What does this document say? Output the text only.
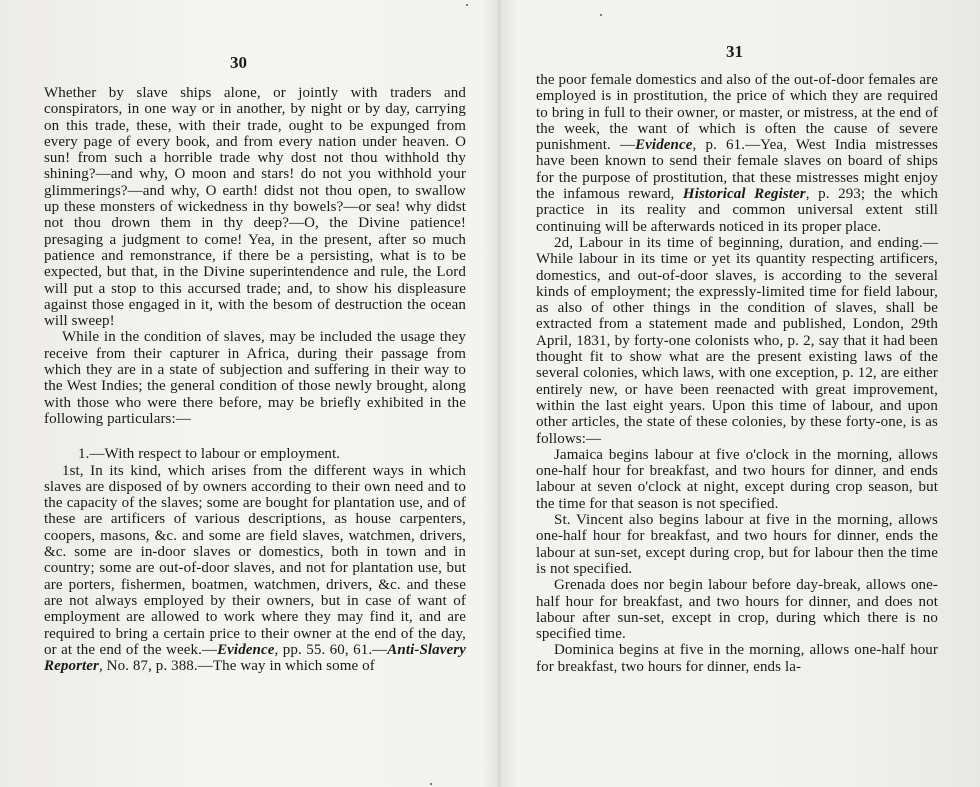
30

Whether by slave ships alone, or jointly with traders and conspirators, in one way or in another, by night or by day, carrying on this trade, these, with their trade, ought to be expunged from every page of every book, and from every nation under heaven. O sun! from such a horrible trade why dost not thou withhold thy shining?—and why, O moon and stars! do not you withhold your glimmerings?—and why, O earth! didst not thou open, to swallow up these monsters of wickedness in thy bowels?—or sea! why didst not thou drown them in thy deep?—O, the Divine patience! presaging a judgment to come! Yea, in the present, after so much patience and remonstrance, if there be a persisting, what is to be expected, but that, in the Divine superintendence and rule, the Lord will put a stop to this accursed trade; and, to show his displeasure against those engaged in it, with the besom of destruction the ocean will sweep!

While in the condition of slaves, may be included the usage they receive from their capturer in Africa, during their passage from which they are in a state of subjection and suffering in their way to the West Indies; the general condition of those newly brought, along with those who were there before, may be briefly exhibited in the following particulars:—

1.—With respect to labour or employment.

1st, In its kind, which arises from the different ways in which slaves are disposed of by owners according to their own need and to the capacity of the slaves; some are bought for plantation use, and of these are artificers of various descriptions, as house carpenters, coopers, masons, &c. and some are field slaves, watchmen, drivers, &c. some are in-door slaves or domestics, both in town and in country; some are out-of-door slaves, and not for plantation use, but are porters, fishermen, boatmen, watchmen, drivers, &c. and these are not always employed by their owners, but in case of want of employment are allowed to work where they may find it, and are required to bring a certain price to their owner at the end of the day, or at the end of the week.—Evidence, pp. 55. 60, 61.—Anti-Slavery Reporter, No. 87, p. 388.—The way in which some of

31

the poor female domestics and also of the out-of-door females are employed is in prostitution, the price of which they are required to bring in full to their owner, or master, or mistress, at the end of the week, the want of which is often the cause of severe punishment. —Evidence, p. 61.—Yea, West India mistresses have been known to send their female slaves on board of ships for the purpose of prostitution, that these mistresses might enjoy the infamous reward, Historical Register, p. 293; the which practice in its reality and common universal extent still continuing will be afterwards noticed in its proper place.

2d, Labour in its time of beginning, duration, and ending.—While labour in its time or yet its quantity respecting artificers, domestics, and out-of-door slaves, is according to the several kinds of employment; the expressly-limited time for field labour, as also of other things in the condition of slaves, shall be extracted from a statement made and published, London, 29th April, 1831, by forty-one colonists who, p. 2, say that it had been thought fit to show what are the present existing laws of the several colonies, which laws, with one exception, p. 12, are either entirely new, or have been reenacted with great improvement, within the last eight years. Upon this time of labour, and upon other articles, the state of these colonies, by these forty-one, is as follows:—

Jamaica begins labour at five o'clock in the morning, allows one-half hour for breakfast, and two hours for dinner, and ends labour at seven o'clock at night, except during crop season, but the time for that season is not specified.

St. Vincent also begins labour at five in the morning, allows one-half hour for breakfast, and two hours for dinner, ends the labour at sun-set, except during crop, but for labour then the time is not specified.

Grenada does nor begin labour before day-break, allows one-half hour for breakfast, and two hours for dinner, and does not labour after sun-set, except in crop, during which there is no specified time.

Dominica begins at five in the morning, allows one-half hour for breakfast, two hours for dinner, ends la-
